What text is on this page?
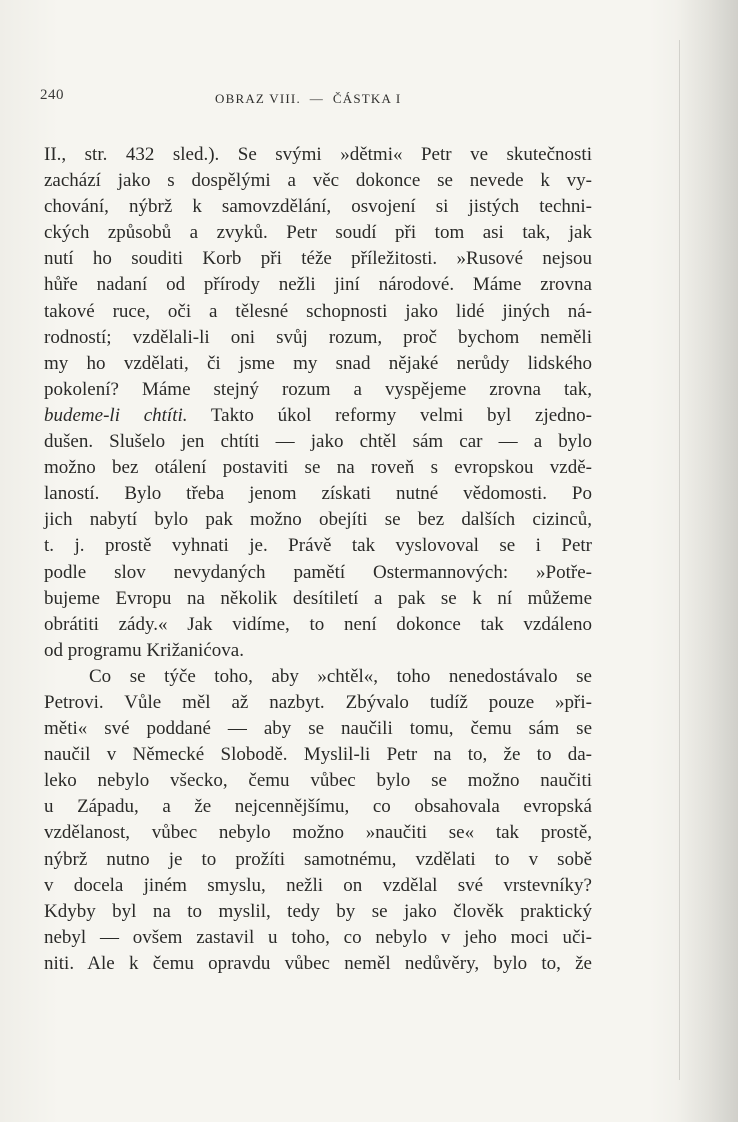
240	OBRAZ VIII.  —  ČÁSTKA I
II., str. 432 sled.). Se svými »dětmi« Petr ve skutečnosti
zachází jako s dospělými a věc dokonce se nevede k vy-
chování, nýbrž k samovzdělání, osvojení si jistých techni-
ckých způsobů a zvyků. Petr soudí při tom asi tak, jak
nutí ho souditi Korb při téže příležitosti. »Rusové nejsou
hůře nadaní od přírody nežli jiní národové. Máme zrovna
takové ruce, oči a tělesné schopnosti jako lidé jiných ná-
rodností; vzdělali-li oni svůj rozum, proč bychom neměli
my ho vzdělati, či jsme my snad nějaké nerůdy lidského
pokolení? Máme stejný rozum a vyspějeme zrovna tak,
budeme-li chtíti. Takto úkol reformy velmi byl zjedno-
dušen. Slušelo jen chtíti — jako chtěl sám car — a bylo
možno bez otálení postaviti se na roveň s evropskou vzdě-
laností. Bylo třeba jenom získati nutné vědomosti. Po
jich nabytí bylo pak možno obejíti se bez dalších cizinců,
t. j. prostě vyhnati je. Právě tak vyslovoval se i Petr
podle slov nevydaných pamětí Ostermannových: »Potře-
bujeme Evropu na několik desítiletí a pak se k ní můžeme
obrátiti zády.« Jak vidíme, to není dokonce tak vzdáleno
od programu Križanićova.
Co se týče toho, aby »chtěl«, toho nenedostávalo se
Petrovi. Vůle měl až nazbyt. Zbývalo tudíž pouze »při-
měti« své poddané — aby se naučili tomu, čemu sám se
naučil v Německé Slobodě. Myslil-li Petr na to, že to da-
leko nebylo všecko, čemu vůbec bylo se možno naučiti
u Západu, a že nejcennějšímu, co obsahovala evropská
vzdělanost, vůbec nebylo možno »naučiti se« tak prostě,
nýbrž nutno je to prožíti samotnému, vzdělati to v sobě
v docela jiném smyslu, nežli on vzdělal své vrstevníky?
Kdyby byl na to myslil, tedy by se jako člověk praktický
nebyl — ovšem zastavil u toho, co nebylo v jeho moci uči-
niti. Ale k čemu opravdu vůbec neměl nedůvěry, bylo to, že
